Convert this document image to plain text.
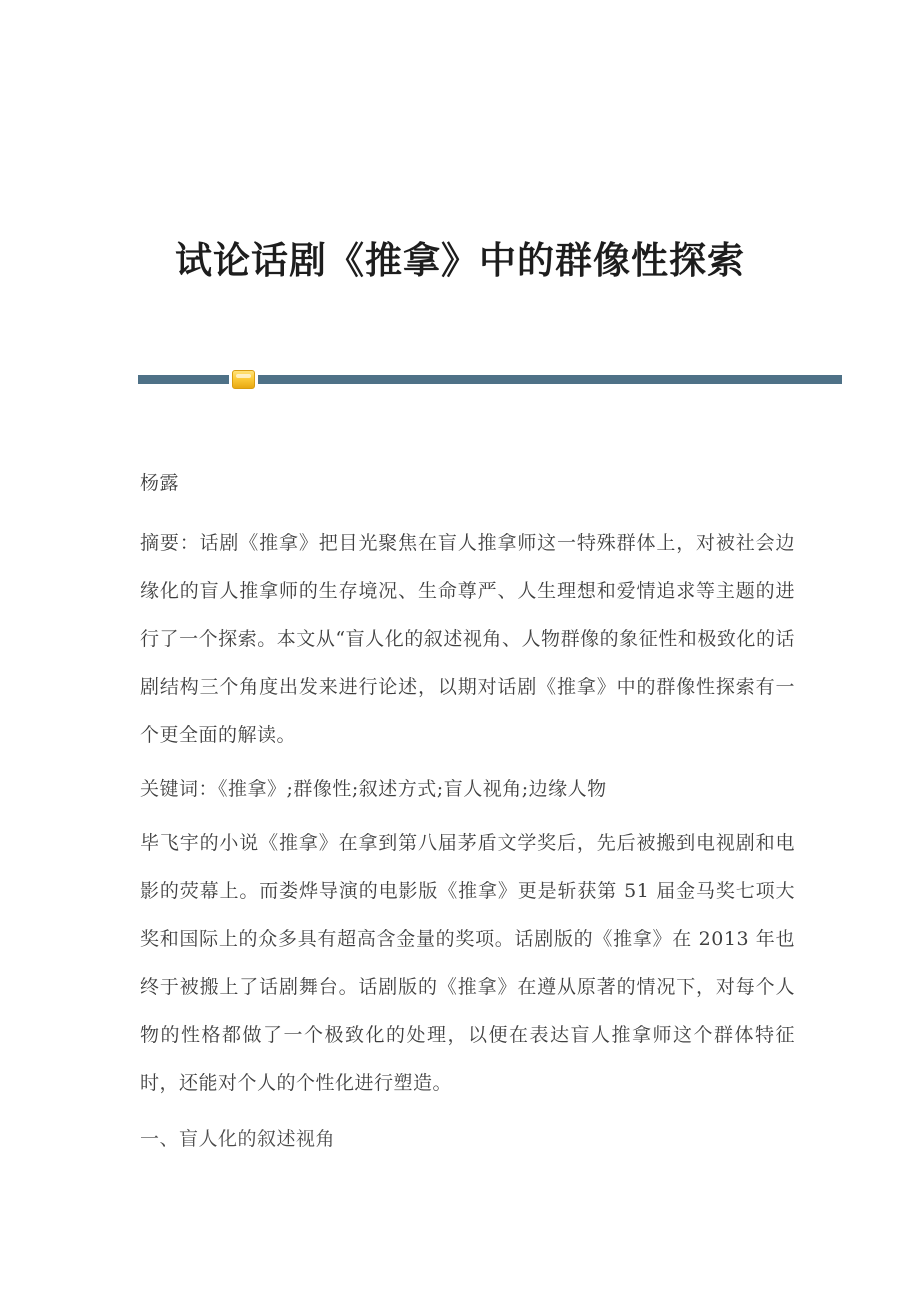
试论话剧《推拿》中的群像性探索

杨露

摘要：话剧《推拿》把目光聚焦在盲人推拿师这一特殊群体上，对被社会边缘化的盲人推拿师的生存境况、生命尊严、人生理想和爱情追求等主题的进行了一个探索。本文从“盲人化的叙述视角、人物群像的象征性和极致化的话剧结构三个角度出发来进行论述，以期对话剧《推拿》中的群像性探索有一个更全面的解读。

关键词：《推拿》;群像性;叙述方式;盲人视角;边缘人物

毕飞宇的小说《推拿》在拿到第八届茅盾文学奖后，先后被搬到电视剧和电影的荧幕上。而娄烨导演的电影版《推拿》更是斩获第 51 届金马奖七项大奖和国际上的众多具有超高含金量的奖项。话剧版的《推拿》在 2013 年也终于被搬上了话剧舞台。话剧版的《推拿》在遵从原著的情况下，对每个人物的性格都做了一个极致化的处理，以便在表达盲人推拿师这个群体特征时，还能对个人的个性化进行塑造。

一、盲人化的叙述视角
